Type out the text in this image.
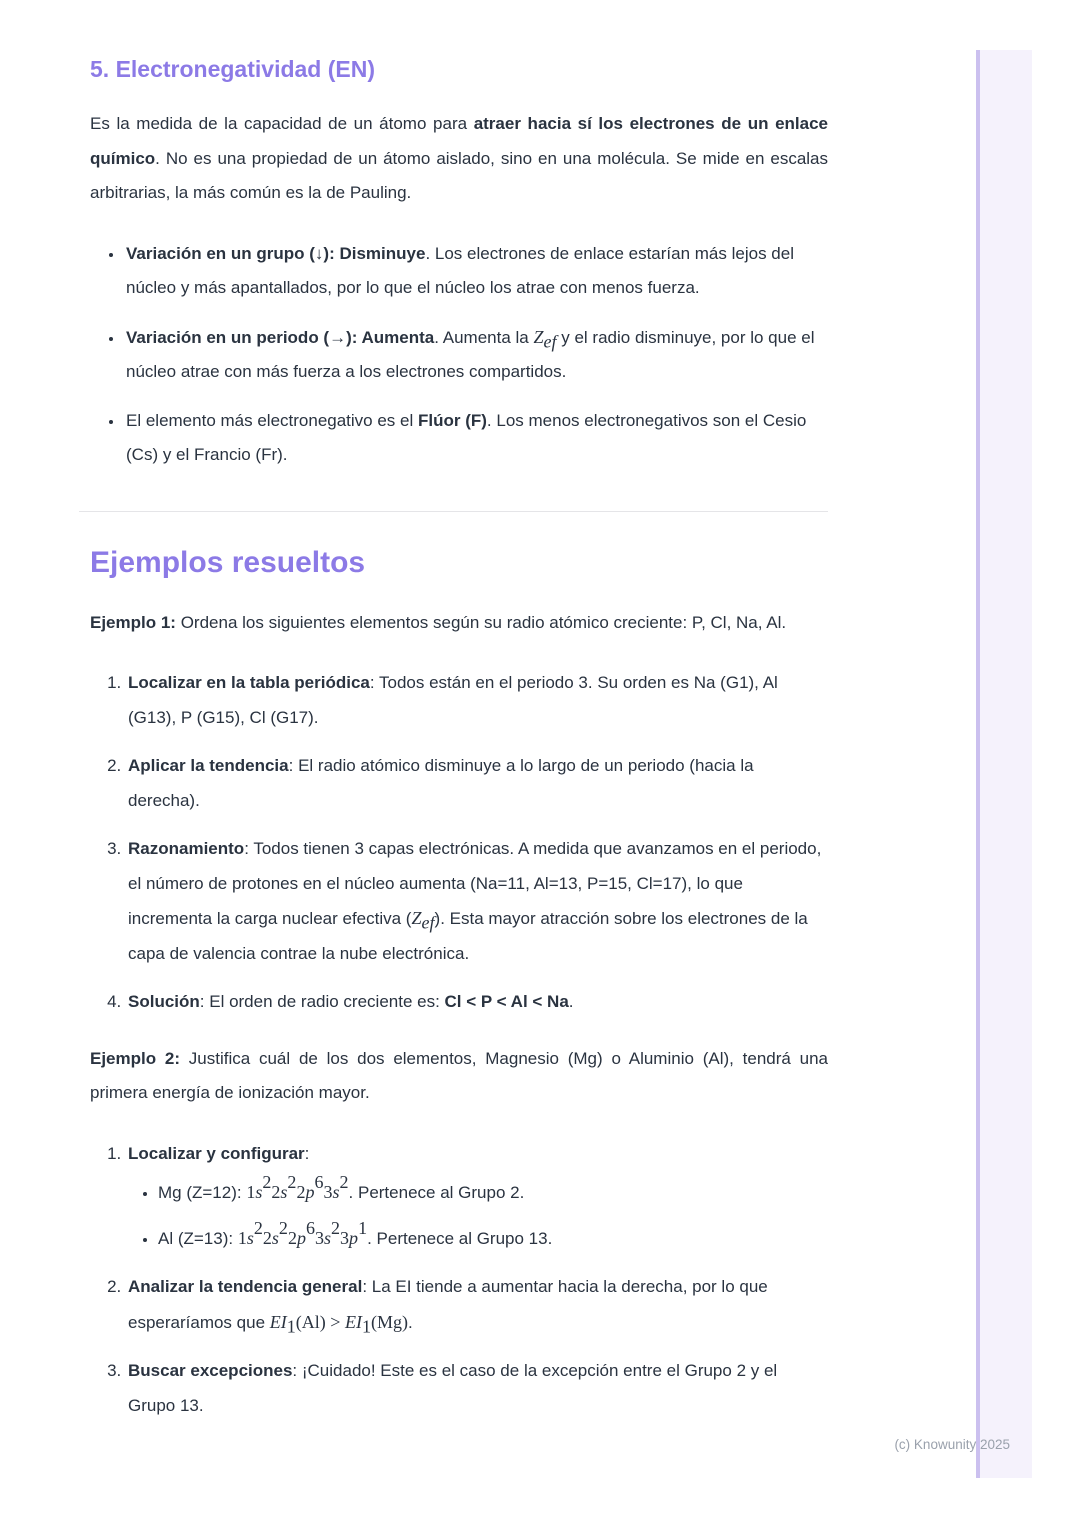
(c) Knowunity 2025
5. Electronegatividad (EN)

Es la medida de la capacidad de un átomo para atraer hacia sí los electrones de un enlace químico. No es una propiedad de un átomo aislado, sino en una molécula. Se mide en escalas arbitrarias, la más común es la de Pauling.

• Variación en un grupo (↓): Disminuye. Los electrones de enlace estarían más lejos del núcleo y más apantallados, por lo que el núcleo los atrae con menos fuerza.
• Variación en un periodo (→): Aumenta. Aumenta la $Z_{ef}$ y el radio disminuye, por lo que el núcleo atrae con más fuerza a los electrones compartidos.
• El elemento más electronegativo es el Flúor (F). Los menos electronegativos son el Cesio (Cs) y el Francio (Fr).
Ejemplos resueltos

Ejemplo 1: Ordena los siguientes elementos según su radio atómico creciente: P, Cl, Na, Al.

1. Localizar en la tabla periódica: Todos están en el periodo 3. Su orden es Na (G1), Al (G13), P (G15), Cl (G17).
2. Aplicar la tendencia: El radio atómico disminuye a lo largo de un periodo (hacia la derecha).
3. Razonamiento: Todos tienen 3 capas electrónicas. A medida que avanzamos en el periodo, el número de protones en el núcleo aumenta (Na=11, Al=13, P=15, Cl=17), lo que incrementa la carga nuclear efectiva $(Z_{ef})$. Esta mayor atracción sobre los electrones de la capa de valencia contrae la nube electrónica.
4. Solución: El orden de radio creciente es: Cl < P < Al < Na.

Ejemplo 2: Justifica cuál de los dos elementos, Magnesio (Mg) o Aluminio (Al), tendrá una primera energía de ionización mayor.

1. Localizar y configurar:
• Mg (Z=12): $1s^22s^22p^63s^2$. Pertenece al Grupo 2.
• Al (Z=13): $1s^22s^22p^63s^23p^1$. Pertenece al Grupo 13.
2. Analizar la tendencia general: La EI tiende a aumentar hacia la derecha, por lo que esperaríamos que $EI_1(Al) > EI_1(Mg)$.
3. Buscar excepciones: ¡Cuidado! Este es el caso de la excepción entre el Grupo 2 y el Grupo 13.
